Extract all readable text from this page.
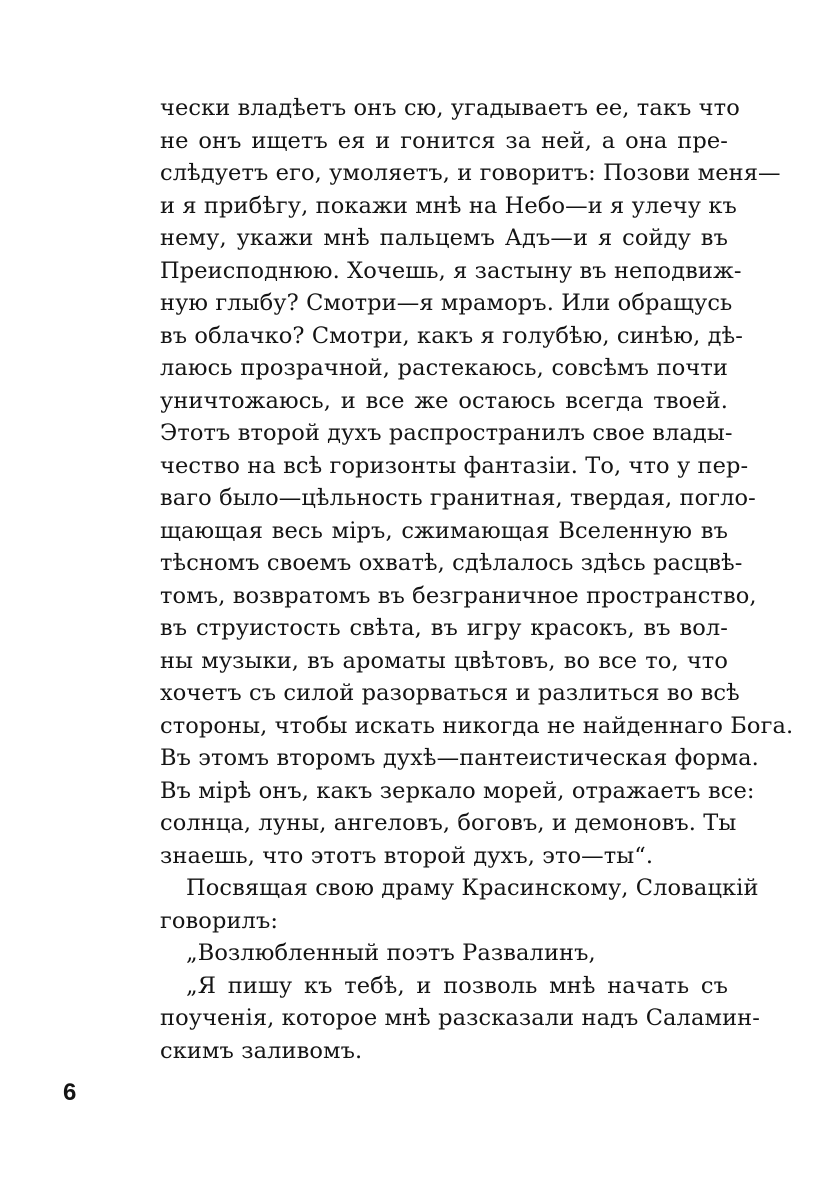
чески владѣетъ онъ сю, угадываетъ ее, такъ что
не онъ ищетъ ея и гонится за ней, а она пре-
слѣдуетъ его, умоляетъ, и говоритъ: Позови меня—
и я прибѣгу, покажи мнѣ на Небо—и я улечу къ
нему, укажи мнѣ пальцемъ Адъ—и я сойду въ
Преисподнюю. Хочешь, я застыну въ неподвиж-
ную глыбу? Смотри—я мраморъ. Или обращусь
въ облачко? Смотри, какъ я голубѣю, синѣю, дѣ-
лаюсь прозрачной, растекаюсь, совсѣмъ почти
уничтожаюсь, и все же остаюсь всегда твоей.
Этотъ второй духъ распространилъ свое влады-
чество на всѣ горизонты фантазіи. То, что у пер-
ваго было—цѣльность гранитная, твердая, погло-
щающая весь міръ, сжимающая Вселенную въ
тѣсномъ своемъ охватѣ, сдѣлалось здѣсь расцвѣ-
томъ, возвратомъ въ безграничное пространство,
въ струистость свѣта, въ игру красокъ, въ вол-
ны музыки, въ ароматы цвѣтовъ, во все то, что
хочетъ съ силой разорваться и разлиться во всѣ
стороны, чтобы искать никогда не найденнаго Бога.
Въ этомъ второмъ духѣ—пантеистическая форма.
Въ мірѣ онъ, какъ зеркало морей, отражаетъ все:
солнца, луны, ангеловъ, боговъ, и демоновъ. Ты
знаешь, что этотъ второй духъ, это—ты“.
Посвящая свою драму Красинскому, Словацкій
говорилъ:
„Возлюбленный поэтъ Развалинъ,
„Я пишу къ тебѣ, и позволь мнѣ начать съ
поученія, которое мнѣ разсказали надъ Саламин-
скимъ заливомъ.
6
